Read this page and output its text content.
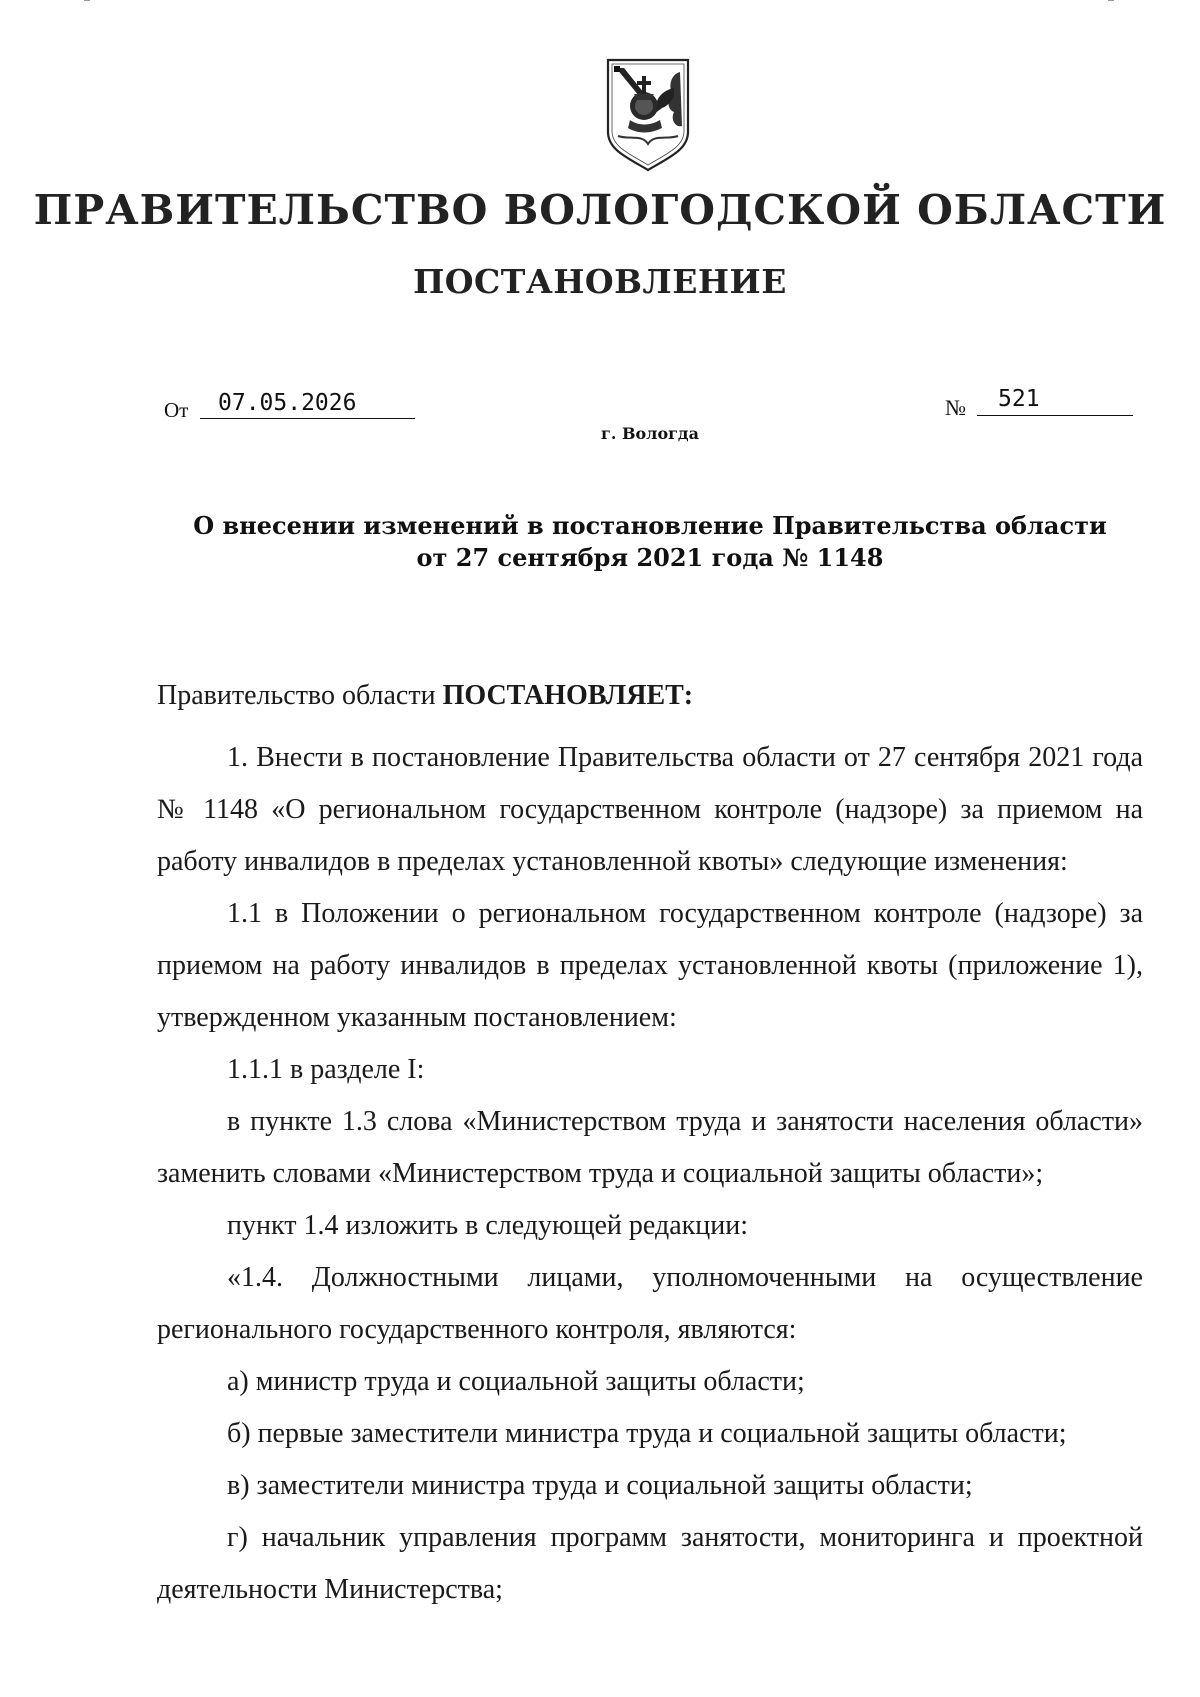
ПРАВИТЕЛЬСТВО ВОЛОГОДСКОЙ ОБЛАСТИ
ПОСТАНОВЛЕНИЕ
От 07.05.2026	№ 521
г. Вологда
О внесении изменений в постановление Правительства области
от 27 сентября 2021 года № 1148

Правительство области ПОСТАНОВЛЯЕТ:

1. Внести в постановление Правительства области от 27 сентября 2021 года № 1148 «О региональном государственном контроле (надзоре) за приемом на работу инвалидов в пределах установленной квоты» следующие изменения:

1.1 в Положении о региональном государственном контроле (надзоре) за приемом на работу инвалидов в пределах установленной квоты (приложение 1), утвержденном указанным постановлением:

1.1.1 в разделе I:

в пункте 1.3 слова «Министерством труда и занятости населения области» заменить словами «Министерством труда и социальной защиты области»;

пункт 1.4 изложить в следующей редакции:

«1.4. Должностными лицами, уполномоченными на осуществление регионального государственного контроля, являются:

а) министр труда и социальной защиты области;

б) первые заместители министра труда и социальной защиты области;

в) заместители министра труда и социальной защиты области;

г) начальник управления программ занятости, мониторинга и проектной деятельности Министерства;
